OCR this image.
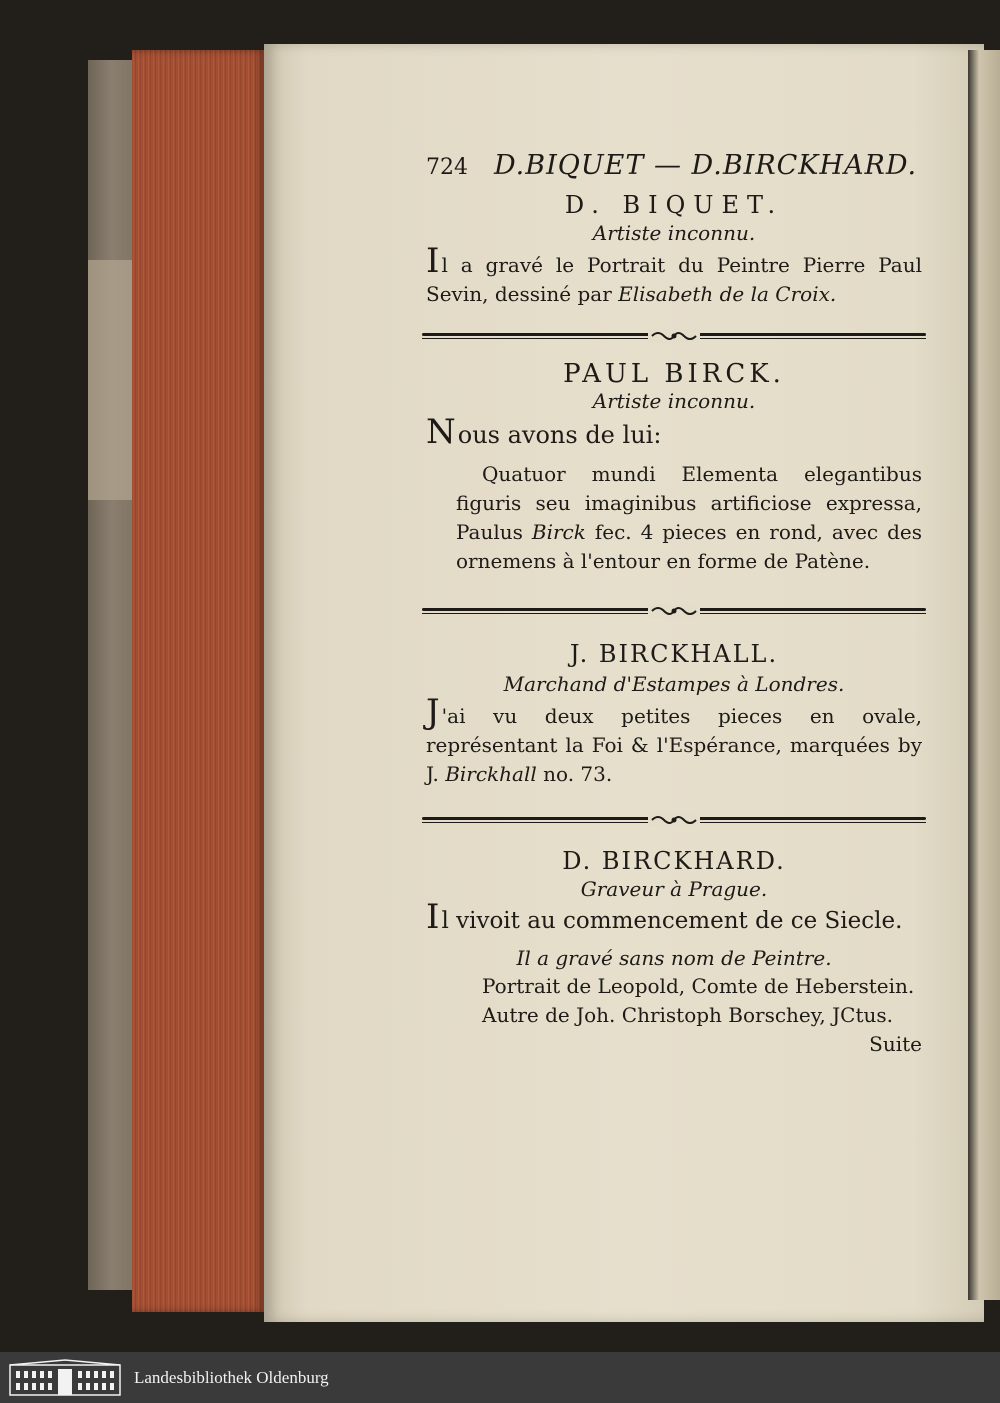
724 D.BIQUET — D.BIRCKHARD.
D. BIQUET.
Artiste inconnu.
Il a gravé le Portrait du Peintre Pierre Paul Sevin, dessiné par Elisabeth de la Croix.
PAUL BIRCK.
Artiste inconnu.
Nous avons de lui:
Quatuor mundi Elementa elegantibus figuris seu imaginibus artificiose expressa, Paulus Birck fec. 4 pieces en rond, avec des ornemens à l'entour en forme de Patène.
J. BIRCKHALL.
Marchand d'Estampes à Londres.
J 'ai vu deux petites pieces en ovale, représentant la Foi & l'Espérance, marquées by J. Birckhall no. 73.
D. BIRCKHARD.
Graveur à Prague.
Il vivoit au commencement de ce Siecle.
Il a gravé sans nom de Peintre.
Portrait de Leopold, Comte de Heberstein.
Autre de Joh. Christoph Borschey, JCtus.
Suite
Landesbibliothek Oldenburg
